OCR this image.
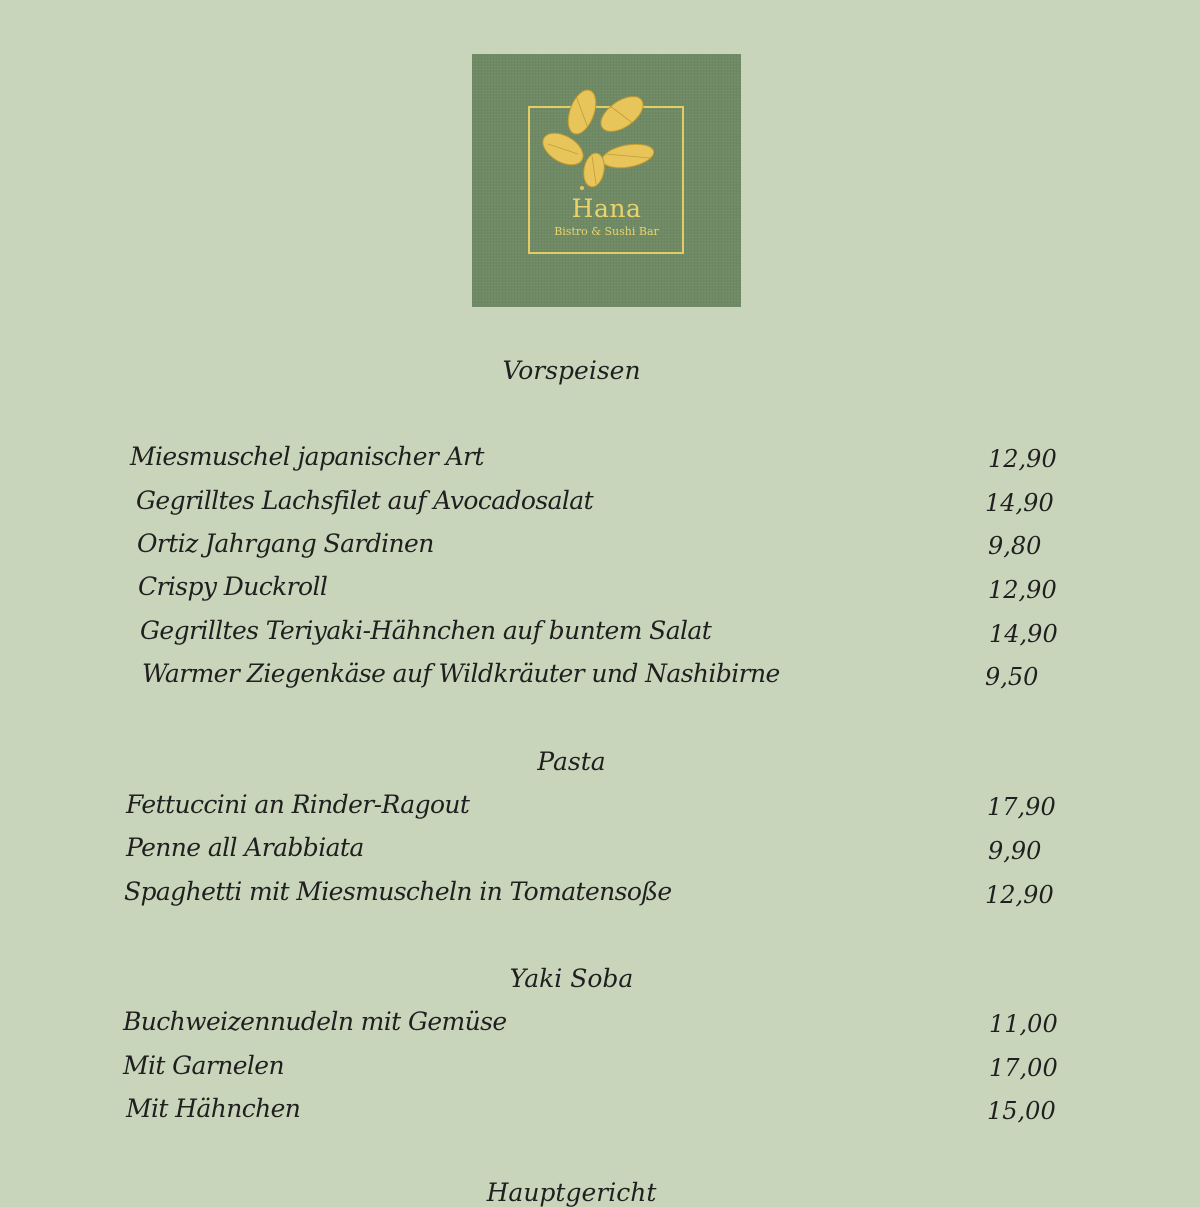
Hana
Bistro & Sushi Bar
Vorspeisen
Miesmuschel japanischer Art	12,90
Gegrilltes Lachsfilet auf Avocadosalat	14,90
Ortiz Jahrgang Sardinen	9,80
Crispy Duckroll	12,90
Gegrilltes Teriyaki-Hähnchen auf buntem Salat	14,90
Warmer Ziegenkäse auf Wildkräuter und Nashibirne	9,50
Pasta
Fettuccini an Rinder-Ragout	17,90
Penne all Arabbiata	9,90
Spaghetti mit Miesmuscheln in Tomatensoße	12,90
Yaki Soba
Buchweizennudeln mit Gemüse	11,00
Mit Garnelen	17,00
Mit Hähnchen	15,00
Hauptgericht
